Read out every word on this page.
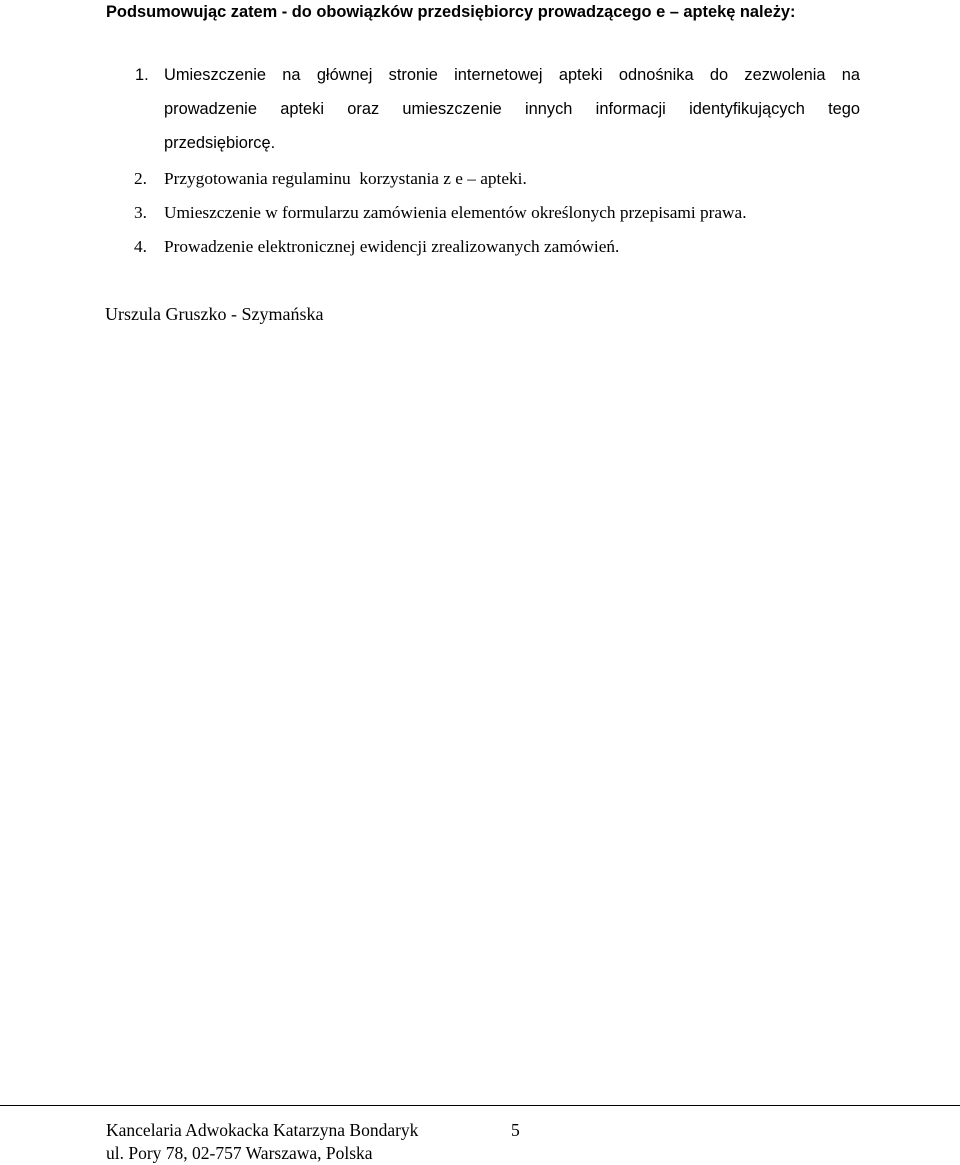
Podsumowując zatem - do obowiązków przedsiębiorcy prowadzącego e – aptekę należy:

1. Umieszczenie na głównej stronie internetowej apteki odnośnika do zezwolenia na
prowadzenie apteki oraz umieszczenie innych informacji identyfikujących tego
przedsiębiorcę.
2. Przygotowania regulaminu  korzystania z e – apteki.
3. Umieszczenie w formularzu zamówienia elementów określonych przepisami prawa.
4. Prowadzenie elektronicznej ewidencji zrealizowanych zamówień.
Urszula Gruszko - Szymańska
Kancelaria Adwokacka Katarzyna Bondaryk	5
ul. Pory 78, 02-757 Warszawa, Polska
